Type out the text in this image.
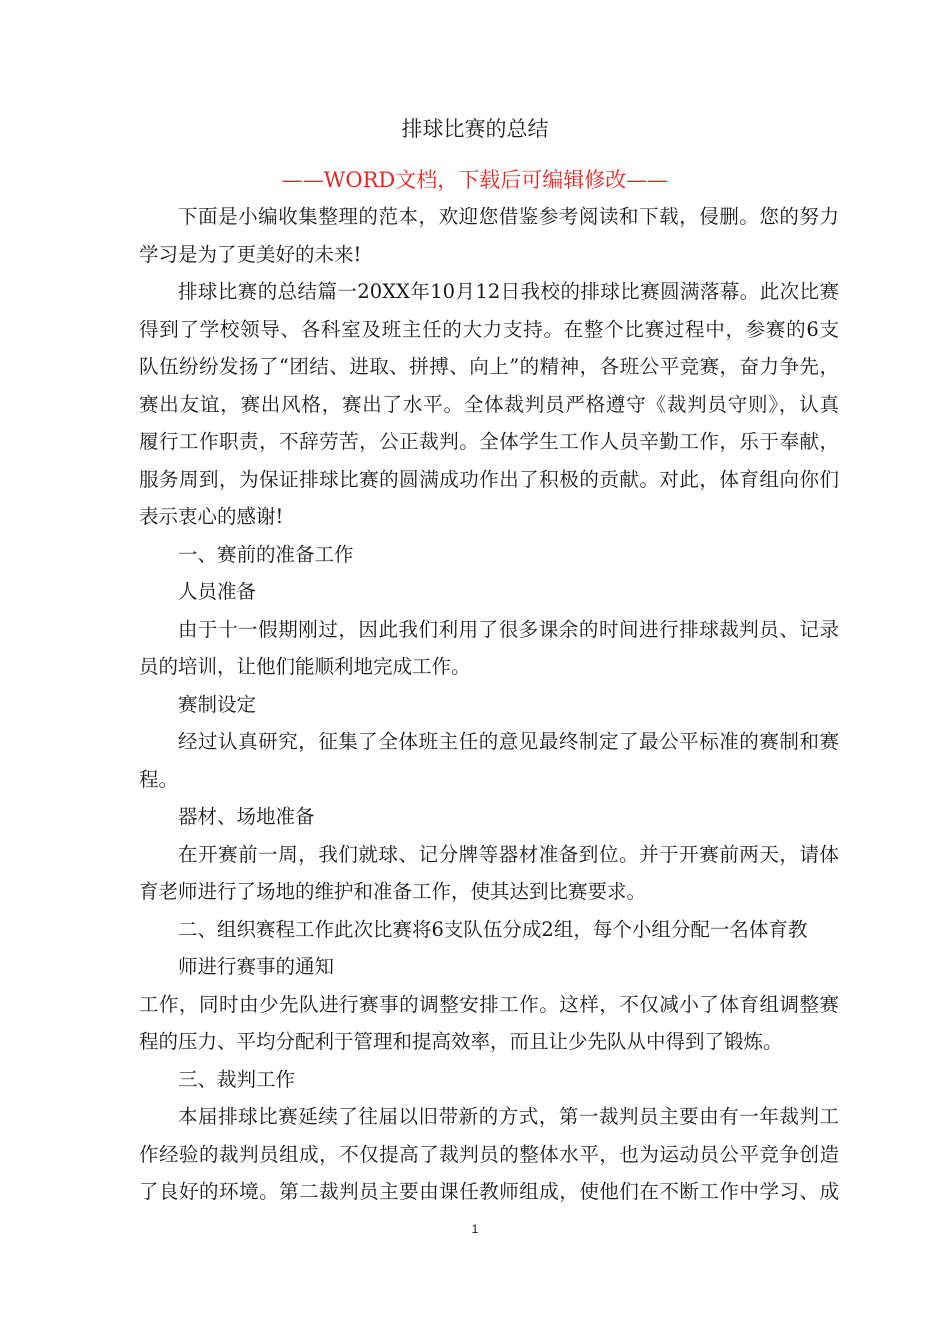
排球比赛的总结
——WORD文档，下载后可编辑修改——
下面是小编收集整理的范本，欢迎您借鉴参考阅读和下载，侵删。您的努力
学习是为了更美好的未来!
排球比赛的总结篇一20XX年10月12日我校的排球比赛圆满落幕。此次比赛
得到了学校领导、各科室及班主任的大力支持。在整个比赛过程中，参赛的6支
队伍纷纷发扬了“团结、进取、拼搏、向上”的精神，各班公平竞赛，奋力争先，
赛出友谊，赛出风格，赛出了水平。全体裁判员严格遵守《裁判员守则》，认真
履行工作职责，不辞劳苦，公正裁判。全体学生工作人员辛勤工作，乐于奉献，
服务周到，为保证排球比赛的圆满成功作出了积极的贡献。对此，体育组向你们
表示衷心的感谢!
一、赛前的准备工作
人员准备
由于十一假期刚过，因此我们利用了很多课余的时间进行排球裁判员、记录
员的培训，让他们能顺利地完成工作。
赛制设定
经过认真研究，征集了全体班主任的意见最终制定了最公平标准的赛制和赛
程。
器材、场地准备
在开赛前一周，我们就球、记分牌等器材准备到位。并于开赛前两天，请体
育老师进行了场地的维护和准备工作，使其达到比赛要求。
二、组织赛程工作此次比赛将6支队伍分成2组，每个小组分配一名体育教
师进行赛事的通知
工作，同时由少先队进行赛事的调整安排工作。这样，不仅减小了体育组调整赛
程的压力、平均分配利于管理和提高效率，而且让少先队从中得到了锻炼。
三、裁判工作
本届排球比赛延续了往届以旧带新的方式，第一裁判员主要由有一年裁判工
作经验的裁判员组成，不仅提高了裁判员的整体水平，也为运动员公平竞争创造
了良好的环境。第二裁判员主要由课任教师组成，使他们在不断工作中学习、成
1
